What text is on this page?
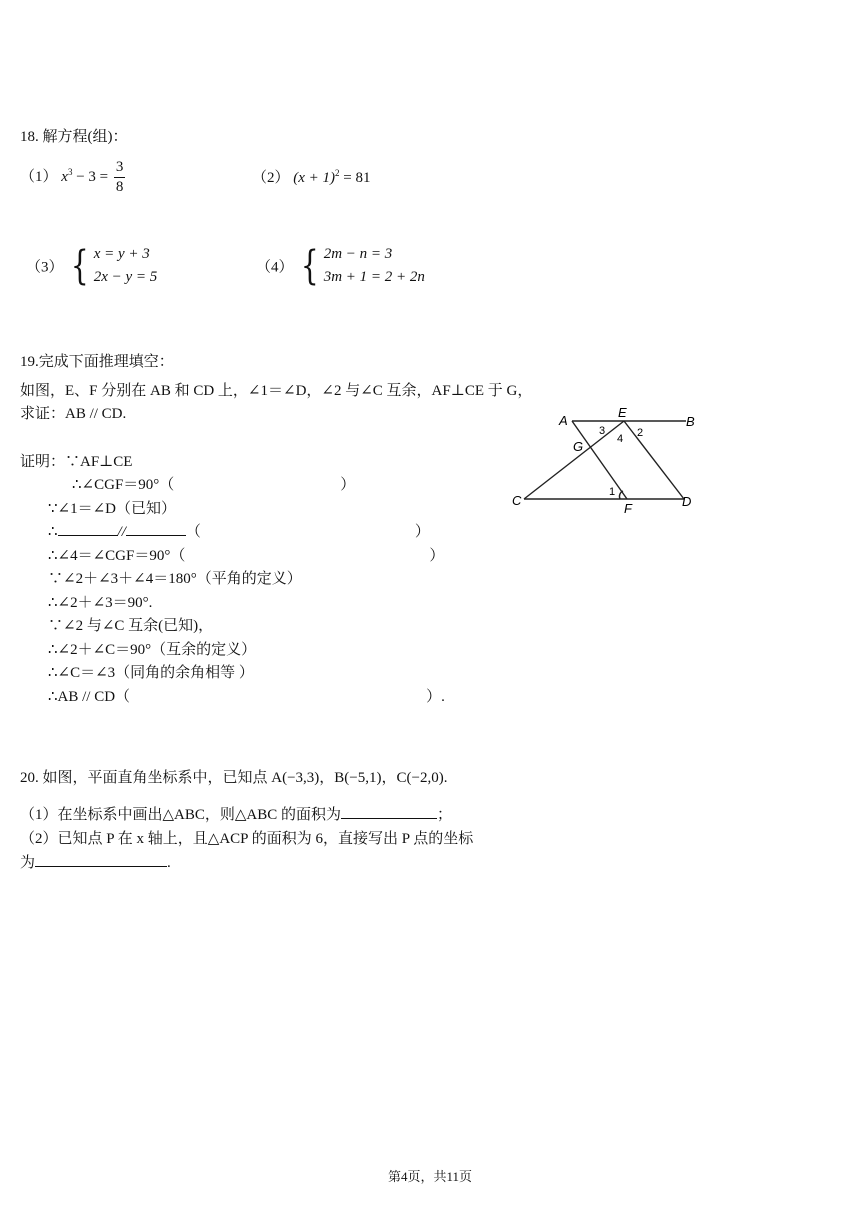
18. 解方程(组)：
（1） $x^3 - 3 = \frac{3}{8}$	（2） $(x + 1)^2 = 81$
（3） { x = y + 3
2x − y = 5
（4） { 2m − n = 3
3m + 1 = 2 + 2n
19.完成下面推理填空：
如图，E、F 分别在 AB 和 CD 上，∠1＝∠D，∠2 与∠C 互余，AF⊥CE 于 G，
求证：AB // CD.
证明：∵AF⊥CE
∴∠CGF＝90°（	）
∵∠1＝∠D（已知）
∴	//	（	）
∴∠4＝∠CGF＝90°（	）
∵∠2＋∠3＋∠4＝180°（平角的定义）
∴∠2＋∠3＝90°.
∵∠2 与∠C 互余(已知)，
∴∠2＋∠C＝90°（互余的定义）
∴∠C＝∠3（同角的余角相等 ）
∴AB // CD（	）.
A	B
C	D
E
F
G
1
2
3
4
20. 如图，平面直角坐标系中，已知点 A(−3,3)，B(−5,1)，C(−2,0).
（1）在坐标系中画出△ABC，则△ABC 的面积为	；
（2）已知点 P 在 x 轴上，且△ACP 的面积为 6，直接写出 P 点的坐标
为	.
第4页，共11页
